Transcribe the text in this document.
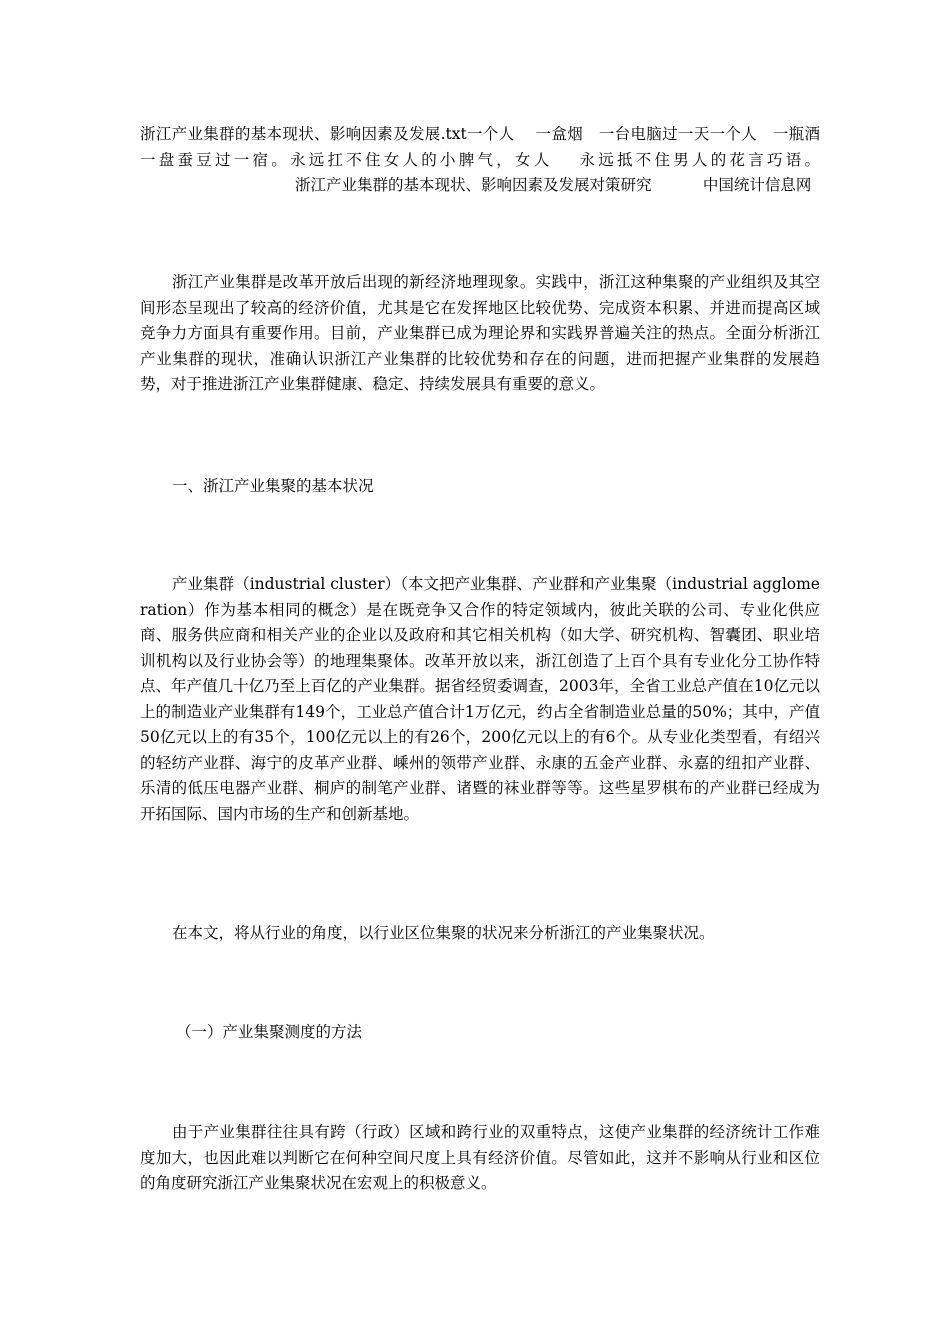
浙江产业集群的基本现状、影响因素及发展.txt一个人 　一盒烟　一台电脑过一天一个人　一瓶酒　一盘蚕豆过一宿。永远扛不住女人的小脾气，女人　 永远抵不住男人的花言巧语。 　　　　　　　　　　浙江产业集群的基本现状、影响因素及发展对策研究 　　　中国统计信息网

浙江产业集群是改革开放后出现的新经济地理现象。实践中，浙江这种集聚的产业组织及其空间形态呈现出了较高的经济价值，尤其是它在发挥地区比较优势、完成资本积累、并进而提高区域竞争力方面具有重要作用。目前，产业集群已成为理论界和实践界普遍关注的热点。全面分析浙江产业集群的现状，准确认识浙江产业集群的比较优势和存在的问题，进而把握产业集群的发展趋势，对于推进浙江产业集群健康、稳定、持续发展具有重要的意义。

一、浙江产业集聚的基本状况

产业集群（industrial cluster）（本文把产业集群、产业群和产业集聚（industrial agglomeration）作为基本相同的概念）是在既竞争又合作的特定领域内，彼此关联的公司、专业化供应商、服务供应商和相关产业的企业以及政府和其它相关机构（如大学、研究机构、智囊团、职业培训机构以及行业协会等）的地理集聚体。改革开放以来，浙江创造了上百个具有专业化分工协作特点、年产值几十亿乃至上百亿的产业集群。据省经贸委调查，2003年，全省工业总产值在10亿元以上的制造业产业集群有149个，工业总产值合计1万亿元，约占全省制造业总量的50%；其中，产值50亿元以上的有35个，100亿元以上的有26个，200亿元以上的有6个。从专业化类型看，有绍兴的轻纺产业群、海宁的皮革产业群、嵊州的领带产业群、永康的五金产业群、永嘉的纽扣产业群、乐清的低压电器产业群、桐庐的制笔产业群、诸暨的袜业群等等。这些星罗棋布的产业群已经成为开拓国际、国内市场的生产和创新基地。

在本文，将从行业的角度，以行业区位集聚的状况来分析浙江的产业集聚状况。

（一）产业集聚测度的方法

由于产业集群往往具有跨（行政）区域和跨行业的双重特点，这使产业集群的经济统计工作难度加大，也因此难以判断它在何种空间尺度上具有经济价值。尽管如此，这并不影响从行业和区位的角度研究浙江产业集聚状况在宏观上的积极意义。
